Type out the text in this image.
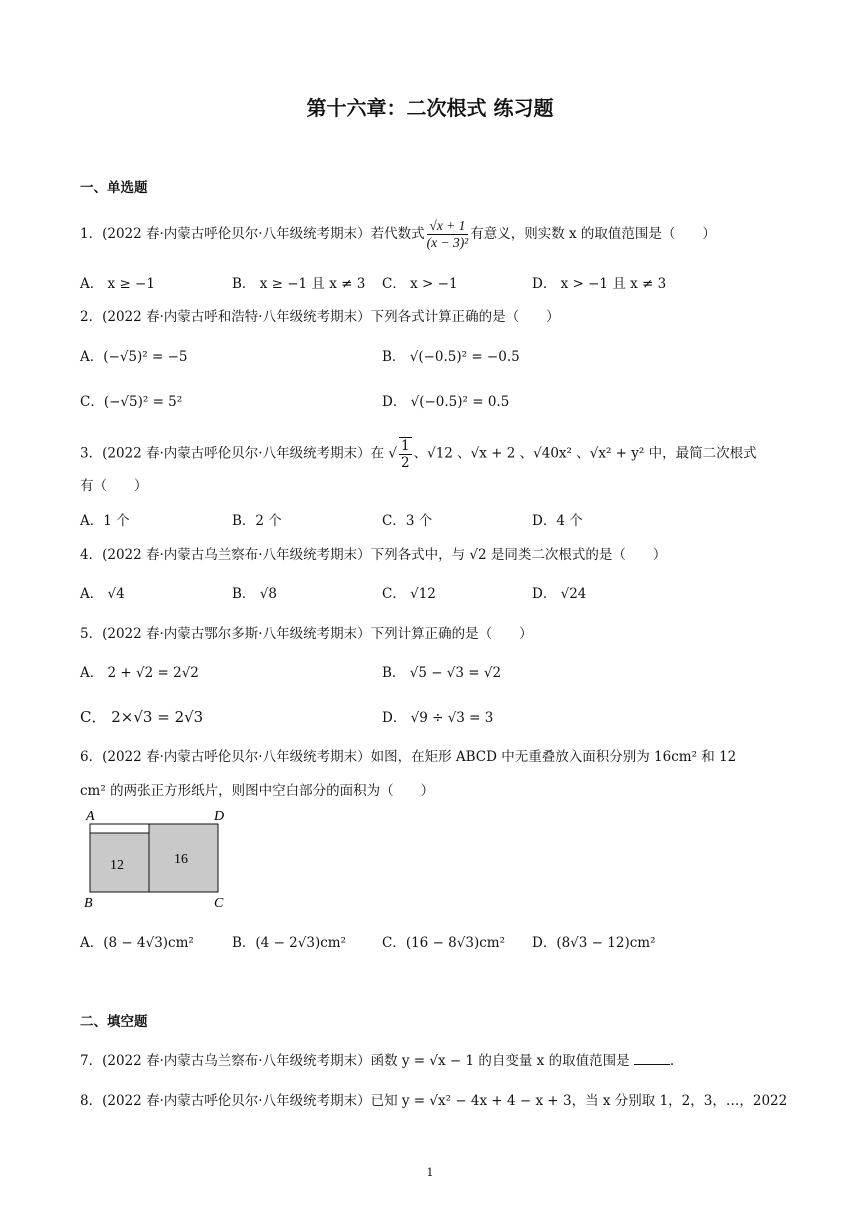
第十六章：二次根式 练习题
一、单选题
1．(2022 春·内蒙古呼伦贝尔·八年级统考期末）若代数式 $\frac{√x + 1}{\text{(x − 3)²}}$ 有意义，则实数 x 的取值范围是（　　）
A． x ≥ −1	B． x ≥ −1 且 x ≠ 3 C． x > −1	D． x > −1 且 x ≠ 3
2．(2022 春·内蒙古呼和浩特·八年级统考期末）下列各式计算正确的是（　　）
A．(−√5)² = −5	B． √(−0.5)² = −0.5
C．(−√5)² = 5²	D． √(−0.5)² = 0.5
3．(2022 春·内蒙古呼伦贝尔·八年级统考期末）在 √ $\frac{1}{2}$ 、√12 、√x + 2 、√40x² 、√x² + y² 中，最简二次根式
有（　　）
A．1 个	B．2 个	C．3 个	D．4 个
4．(2022 春·内蒙古乌兰察布·八年级统考期末）下列各式中，与 √2 是同类二次根式的是（　　）
A． √4	B． √8	C． √12	D． √24
5．(2022 春·内蒙古鄂尔多斯·八年级统考期末）下列计算正确的是（　　）
A． 2 + √2 = 2√2	B． √5 − √3 = √2
C． 2×√3 = 2√3	D． √9 ÷ √3 = 3
6．(2022 春·内蒙古呼伦贝尔·八年级统考期末）如图，在矩形 ABCD 中无重叠放入面积分别为 16cm² 和 12
cm² 的两张正方形纸片，则图中空白部分的面积为（　　）
12	16
A	D
B	C
A．(8 − 4√3)cm²	B．(4 − 2√3)cm²	C．(16 − 8√3)cm² D．(8√3 − 12)cm²
二、填空题
7．(2022 春·内蒙古乌兰察布·八年级统考期末）函数 y = √x − 1 的自变量 x 的取值范围是	.
8．(2022 春·内蒙古呼伦贝尔·八年级统考期末）已知 y = √x² − 4x + 4 − x + 3，当 x 分别取 1，2，3，…，2022
1
